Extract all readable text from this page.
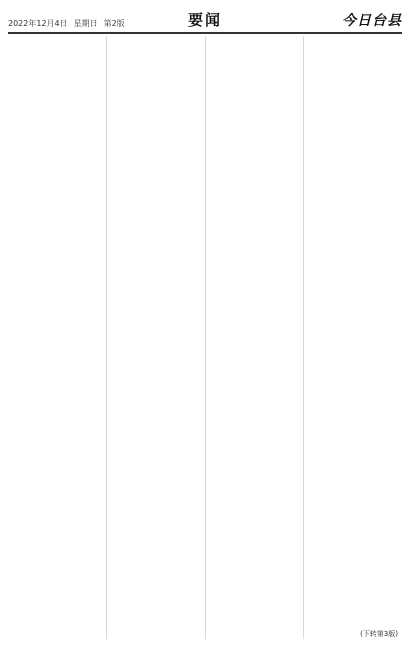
2022年12月4日 星期日 第2版	要闻	今日台县
(下转第3版)
